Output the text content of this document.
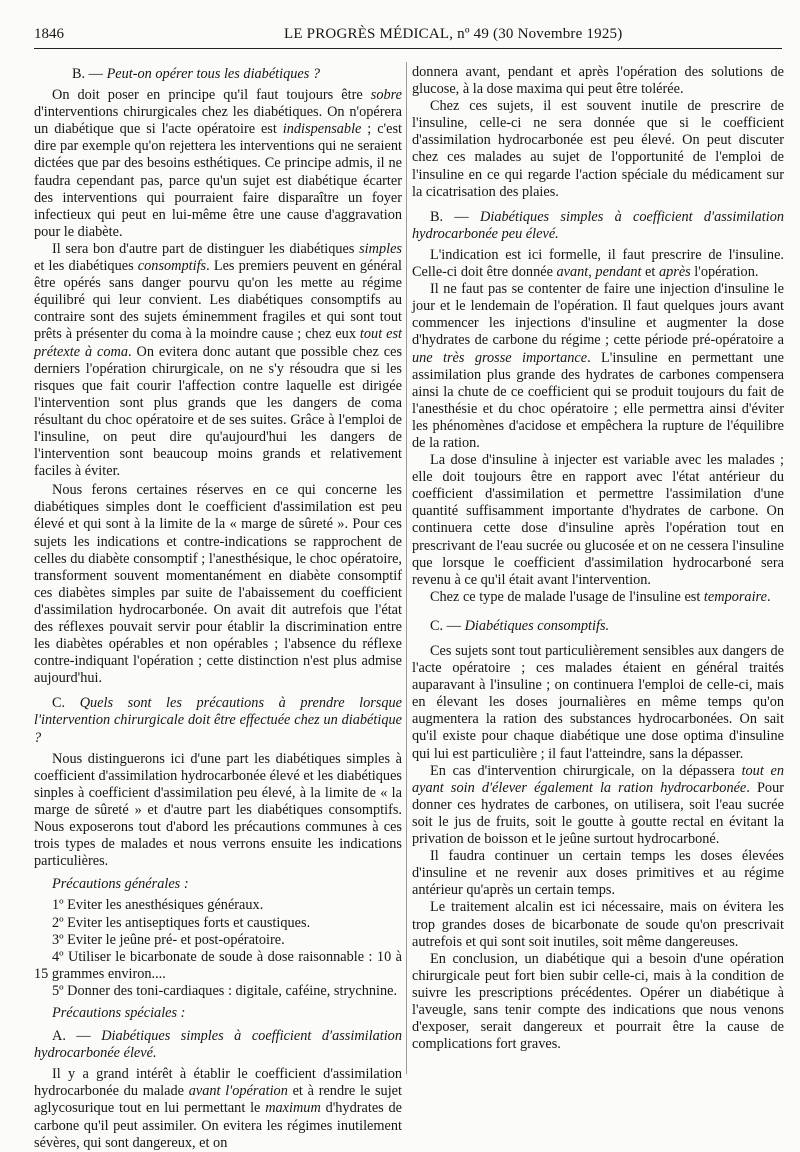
1846	LE PROGRÈS MÉDICAL, nº 49 (30 Novembre 1925)

B. — Peut-on opérer tous les diabétiques ?

On doit poser en principe qu'il faut toujours être sobre d'interventions chirurgicales chez les diabétiques. On n'opérera un diabétique que si l'acte opératoire est indispensable ; c'est dire par exemple qu'on rejettera les interventions qui ne seraient dictées que par des besoins esthétiques. Ce principe admis, il ne faudra cependant pas, parce qu'un sujet est diabétique écarter des interventions qui pourraient faire disparaître un foyer infectieux qui peut en lui-même être une cause d'aggravation pour le diabète.

Il sera bon d'autre part de distinguer les diabétiques simples et les diabétiques consomptifs. Les premiers peuvent en général être opérés sans danger pourvu qu'on les mette au régime équilibré qui leur convient. Les diabétiques consomptifs au contraire sont des sujets éminemment fragiles et qui sont tout prêts à présenter du coma à la moindre cause ; chez eux tout est prétexte à coma. On evitera donc autant que possible chez ces derniers l'opération chirurgicale, on ne s'y résoudra que si les risques que fait courir l'affection contre laquelle est dirigée l'intervention sont plus grands que les dangers de coma résultant du choc opératoire et de ses suites. Grâce à l'emploi de l'insuline, on peut dire qu'aujourd'hui les dangers de l'intervention sont beaucoup moins grands et relativement faciles à éviter.

Nous ferons certaines réserves en ce qui concerne les diabétiques simples dont le coefficient d'assimilation est peu élevé et qui sont à la limite de la « marge de sûreté ». Pour ces sujets les indications et contre-indications se rapprochent de celles du diabète consomptif ; l'anesthésique, le choc opératoire, transforment souvent momentanément en diabète consomptif ces diabètes simples par suite de l'abaissement du coefficient d'assimilation hydrocarbonée. On avait dit autrefois que l'état des réflexes pouvait servir pour établir la discrimination entre les diabètes opérables et non opérables ; l'absence du réflexe contre-indiquant l'opération ; cette distinction n'est plus admise aujourd'hui.

C. Quels sont les précautions à prendre lorsque l'intervention chirurgicale doit être effectuée chez un diabétique ?

Nous distinguerons ici d'une part les diabétiques simples à coefficient d'assimilation hydrocarbonée élevé et les diabétiques sinples à coefficient d'assimilation peu élevé, à la limite de « la marge de sûreté » et d'autre part les diabétiques consomptifs. Nous exposerons tout d'abord les précautions communes à ces trois types de malades et nous verrons ensuite les indications particulières.

Précautions générales :

1º Eviter les anesthésiques généraux.

2º Eviter les antiseptiques forts et caustiques.

3º Eviter le jeûne pré- et post-opératoire.

4º Utiliser le bicarbonate de soude à dose raisonnable : 10 à 15 grammes environ....

5º Donner des toni-cardiaques : digitale, caféine, strychnine.

Précautions spéciales :

A. — Diabétiques simples à coefficient d'assimilation hydrocarbonée élevé.

Il y a grand intérêt à établir le coefficient d'assimilation hydrocarbonée du malade avant l'opération et à rendre le sujet aglycosurique tout en lui permettant le maximum d'hydrates de carbone qu'il peut assimiler. On evitera les régimes inutilement sévères, qui sont dangereux, et on

donnera avant, pendant et après l'opération des solutions de glucose, à la dose maxima qui peut être tolérée.

Chez ces sujets, il est souvent inutile de prescrire de l'insuline, celle-ci ne sera donnée que si le coefficient d'assimilation hydrocarbonée est peu élevé. On peut discuter chez ces malades au sujet de l'opportunité de l'emploi de l'insuline en ce qui regarde l'action spéciale du médicament sur la cicatrisation des plaies.

B. — Diabétiques simples à coefficient d'assimilation hydrocarbonée peu élevé.

L'indication est ici formelle, il faut prescrire de l'insuline. Celle-ci doit être donnée avant, pendant et après l'opération.

Il ne faut pas se contenter de faire une injection d'insuline le jour et le lendemain de l'opération. Il faut quelques jours avant commencer les injections d'insuline et augmenter la dose d'hydrates de carbone du régime ; cette période pré-opératoire a une très grosse importance. L'insuline en permettant une assimilation plus grande des hydrates de carbones compensera ainsi la chute de ce coefficient qui se produit toujours du fait de l'anesthésie et du choc opératoire ; elle permettra ainsi d'éviter les phénomènes d'acidose et empêchera la rupture de l'équilibre de la ration.

La dose d'insuline à injecter est variable avec les malades ; elle doit toujours être en rapport avec l'état antérieur du coefficient d'assimilation et permettre l'assimilation d'une quantité suffisamment importante d'hydrates de carbone. On continuera cette dose d'insuline après l'opération tout en prescrivant de l'eau sucrée ou glucosée et on ne cessera l'insuline que lorsque le coefficient d'assimilation hydrocarboné sera revenu à ce qu'il était avant l'intervention.

Chez ce type de malade l'usage de l'insuline est temporaire.

C. — Diabétiques consomptifs.

Ces sujets sont tout particulièrement sensibles aux dangers de l'acte opératoire ; ces malades étaient en général traités auparavant à l'insuline ; on continuera l'emploi de celle-ci, mais en élevant les doses journalières en même temps qu'on augmentera la ration des substances hydrocarbonées. On sait qu'il existe pour chaque diabétique une dose optima d'insuline qui lui est particulière ; il faut l'atteindre, sans la dépasser.

En cas d'intervention chirurgicale, on la dépassera tout en ayant soin d'élever également la ration hydrocarbonée. Pour donner ces hydrates de carbones, on utilisera, soit l'eau sucrée soit le jus de fruits, soit le goutte à goutte rectal en évitant la privation de boisson et le jeûne surtout hydrocarboné.

Il faudra continuer un certain temps les doses élevées d'insuline et ne revenir aux doses primitives et au régime antérieur qu'après un certain temps.

Le traitement alcalin est ici nécessaire, mais on évitera les trop grandes doses de bicarbonate de soude qu'on prescrivait autrefois et qui sont soit inutiles, soit même dangereuses.

En conclusion, un diabétique qui a besoin d'une opération chirurgicale peut fort bien subir celle-ci, mais à la condition de suivre les prescriptions précédentes. Opérer un diabétique à l'aveugle, sans tenir compte des indications que nous venons d'exposer, serait dangereux et pourrait être la cause de complications fort graves.
